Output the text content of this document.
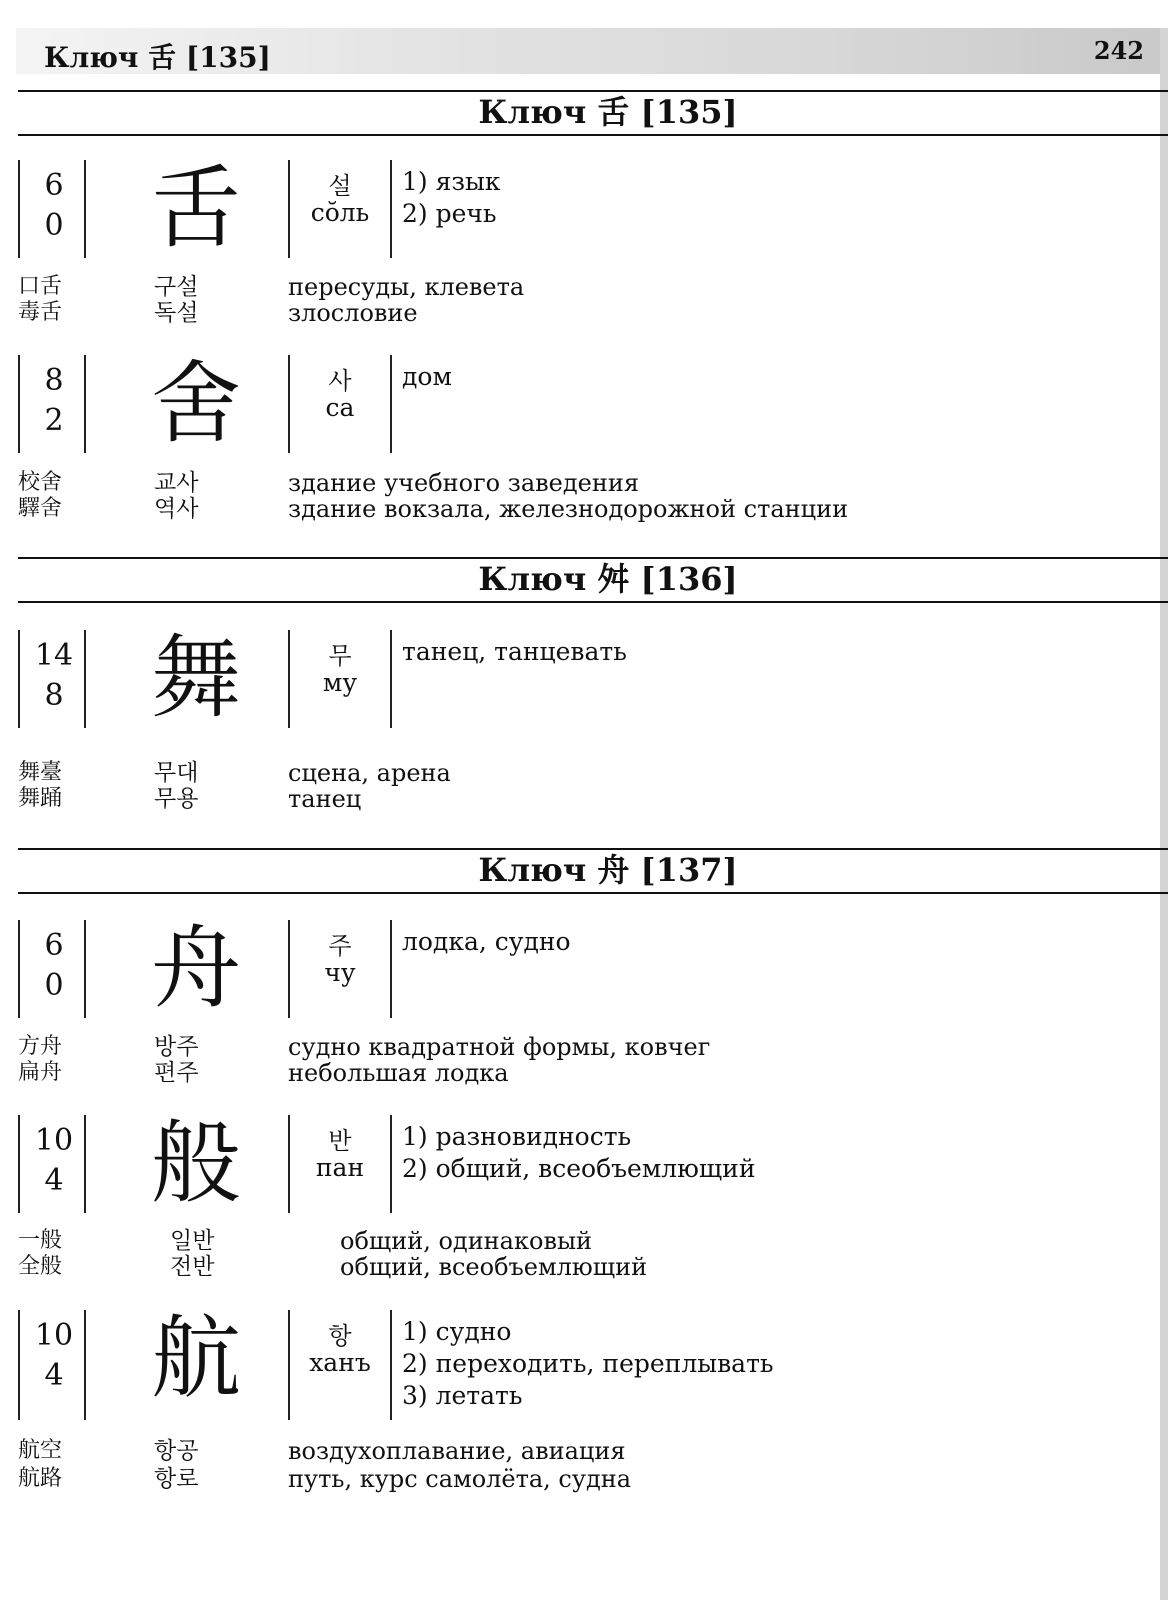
Ключ 舌 [135]	242
Ключ 舌 [135]
6
0 舌	설
сŏль
1) язык
2) речь
口舌	구설	пересуды, клевета
毒舌	독설	злословие
8
2 舍	사
са
дом
校舍	교사	здание учебного заведения
驛舍	역사	здание вокзала, железнодорожной станции
Ключ 舛 [136]
14
8 舞	무
му
танец, танцевать
舞臺	무대	сцена, арена
舞踊	무용	танец
Ключ 舟 [137]
6
0 舟	주
чу
лодка, судно
方舟	방주	судно квадратной формы, ковчег
扁舟	편주	небольшая лодка
10
4 般	반
пан
1) разновидность
2) общий, всеобъемлющий
一般	일반	общий, одинаковый
全般	전반	общий, всеобъемлющий
10
4 航	항
ханъ
1) судно
2) переходить, переплывать
3) летать
航空	항공	воздухоплавание, авиация
航路	항로	путь, курс самолёта, судна
